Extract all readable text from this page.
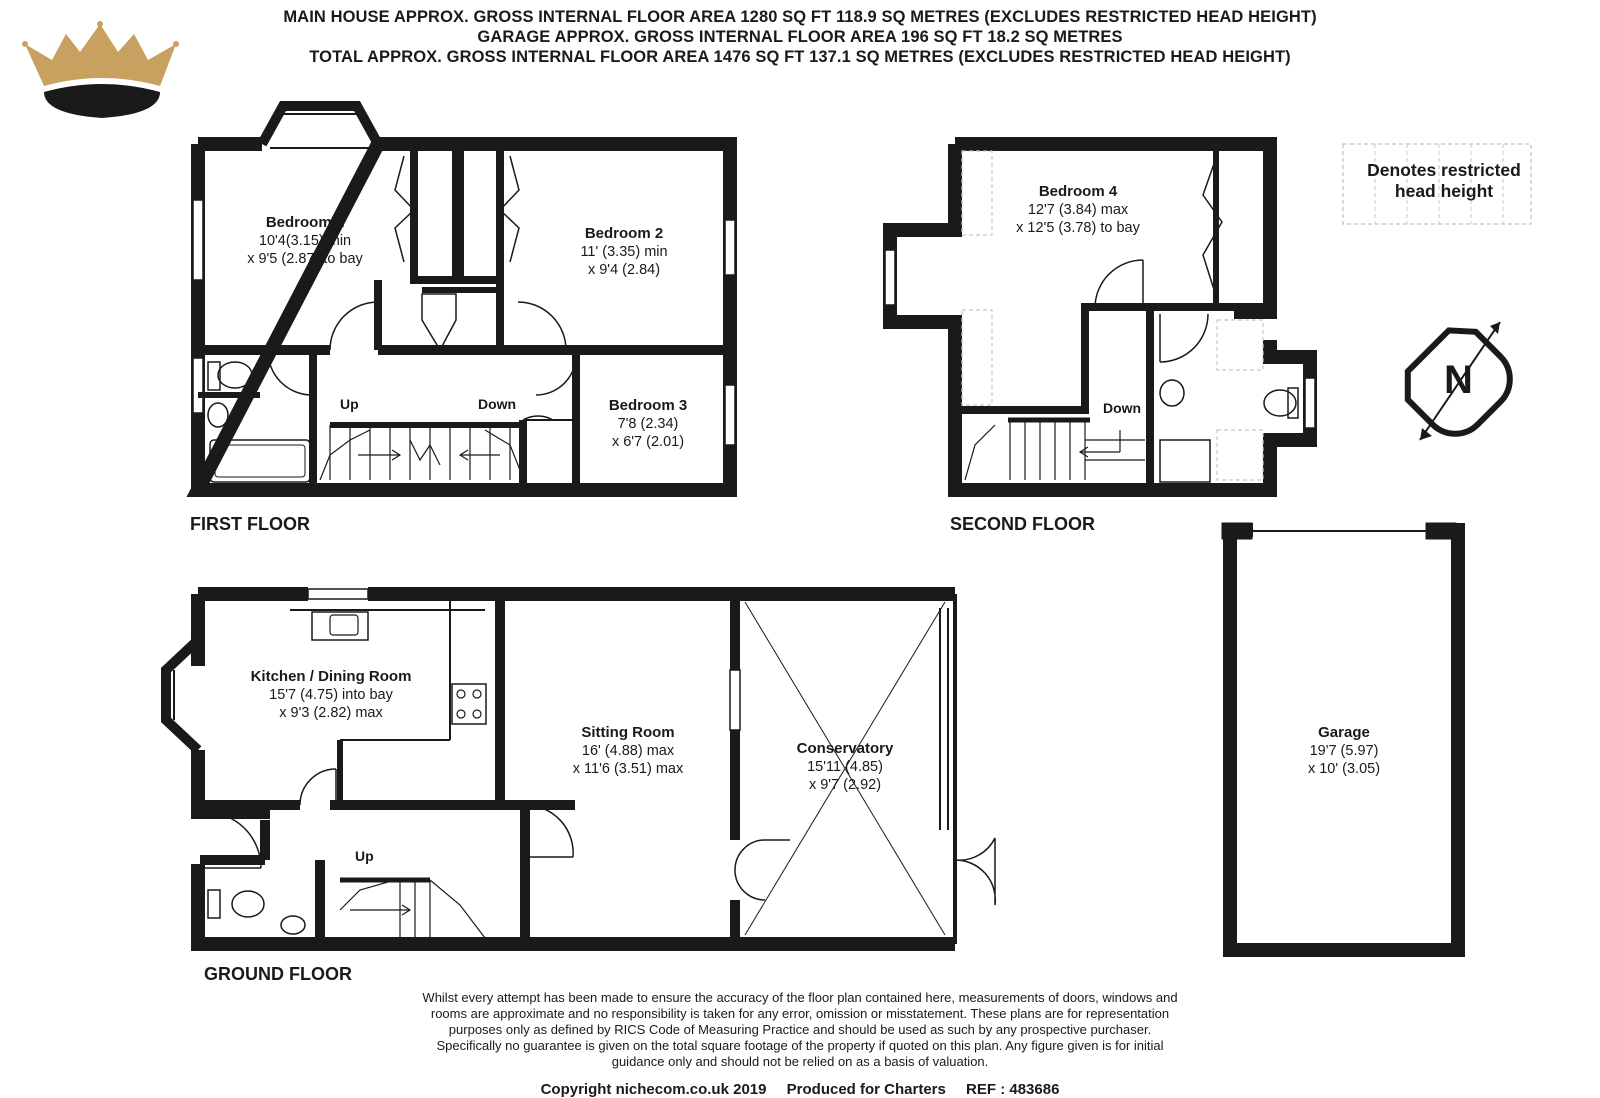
MAIN HOUSE APPROX. GROSS INTERNAL FLOOR AREA 1280 SQ FT 118.9 SQ METRES (EXCLUDES RESTRICTED HEAD HEIGHT)
GARAGE APPROX. GROSS INTERNAL FLOOR AREA 196 SQ FT 18.2 SQ METRES
TOTAL APPROX. GROSS INTERNAL FLOOR AREA 1476 SQ FT 137.1 SQ METRES (EXCLUDES RESTRICTED HEAD HEIGHT)
Denotes restricted
head height
N
Bedroom 1
10'4(3.15) min
x 9'5 (2.87) to bay
Bedroom 2
11' (3.35) min
x 9'4 (2.84)
Bedroom 3
7'8 (2.34)
x 6'7 (2.01)
Bedroom 4
12'7 (3.84) max
x 12'5 (3.78) to bay
Kitchen / Dining Room
15'7 (4.75) into bay
x 9'3 (2.82) max
Sitting Room
16' (4.88) max
x 11'6 (3.51) max
Conservatory
15'11 (4.85)
x 9'7 (2.92)
Garage
19'7 (5.97)
x 10' (3.05)
Up	Down	Down
Up
FIRST FLOOR	SECOND FLOOR
GROUND FLOOR
Whilst every attempt has been made to ensure the accuracy of the floor plan contained here, measurements of doors, windows and
rooms are approximate and no responsibility is taken for any error, omission or misstatement. These plans are for representation
purposes only as defined by RICS Code of Measuring Practice and should be used as such by any prospective purchaser.
Specifically no guarantee is given on the total square footage of the property if quoted on this plan. Any figure given is for initial
guidance only and should not be relied on as a basis of valuation.
Copyright nichecom.co.uk 2019 Produced for Charters REF : 483686
